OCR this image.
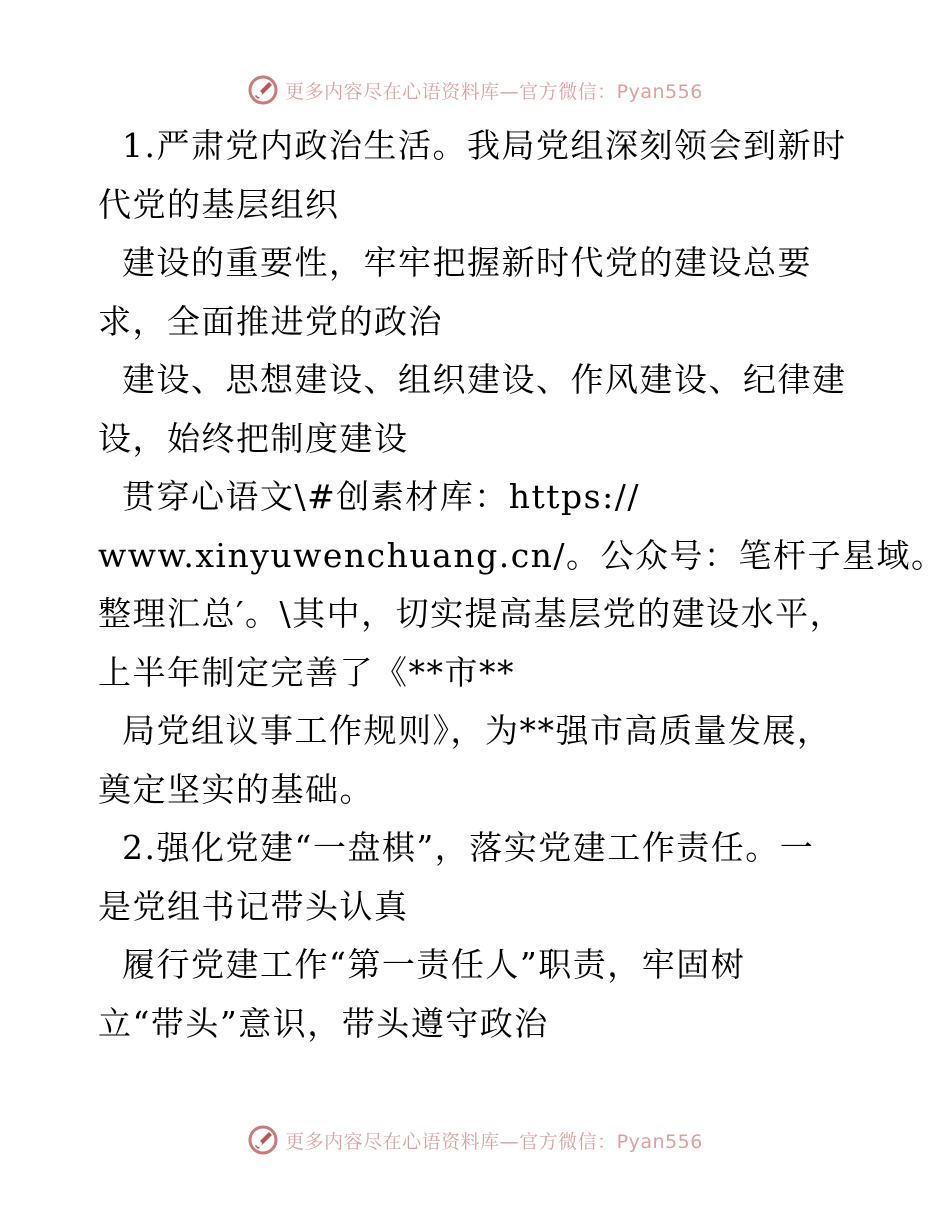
更多内容尽在心语资料库—官方微信：Pyan556

1.严肃党内政治生活。我局党组深刻领会到新时

代党的基层组织

建设的重要性，牢牢把握新时代党的建设总要

求，全面推进党的政治

建设、思想建设、组织建设、作风建设、纪律建

设，始终把制度建设

贯穿心语文\#创素材库：https://

www.xinyuwenchuang.cn/。公众号：笔杆子星域。

整理汇总′。\其中，切实提高基层党的建设水平，

上半年制定完善了《**市**

局党组议事工作规则》，为**强市高质量发展，

奠定坚实的基础。

2.强化党建“一盘棋”，落实党建工作责任。一

是党组书记带头认真

履行党建工作“第一责任人”职责，牢固树

立“带头”意识，带头遵守政治

更多内容尽在心语资料库—官方微信：Pyan556
